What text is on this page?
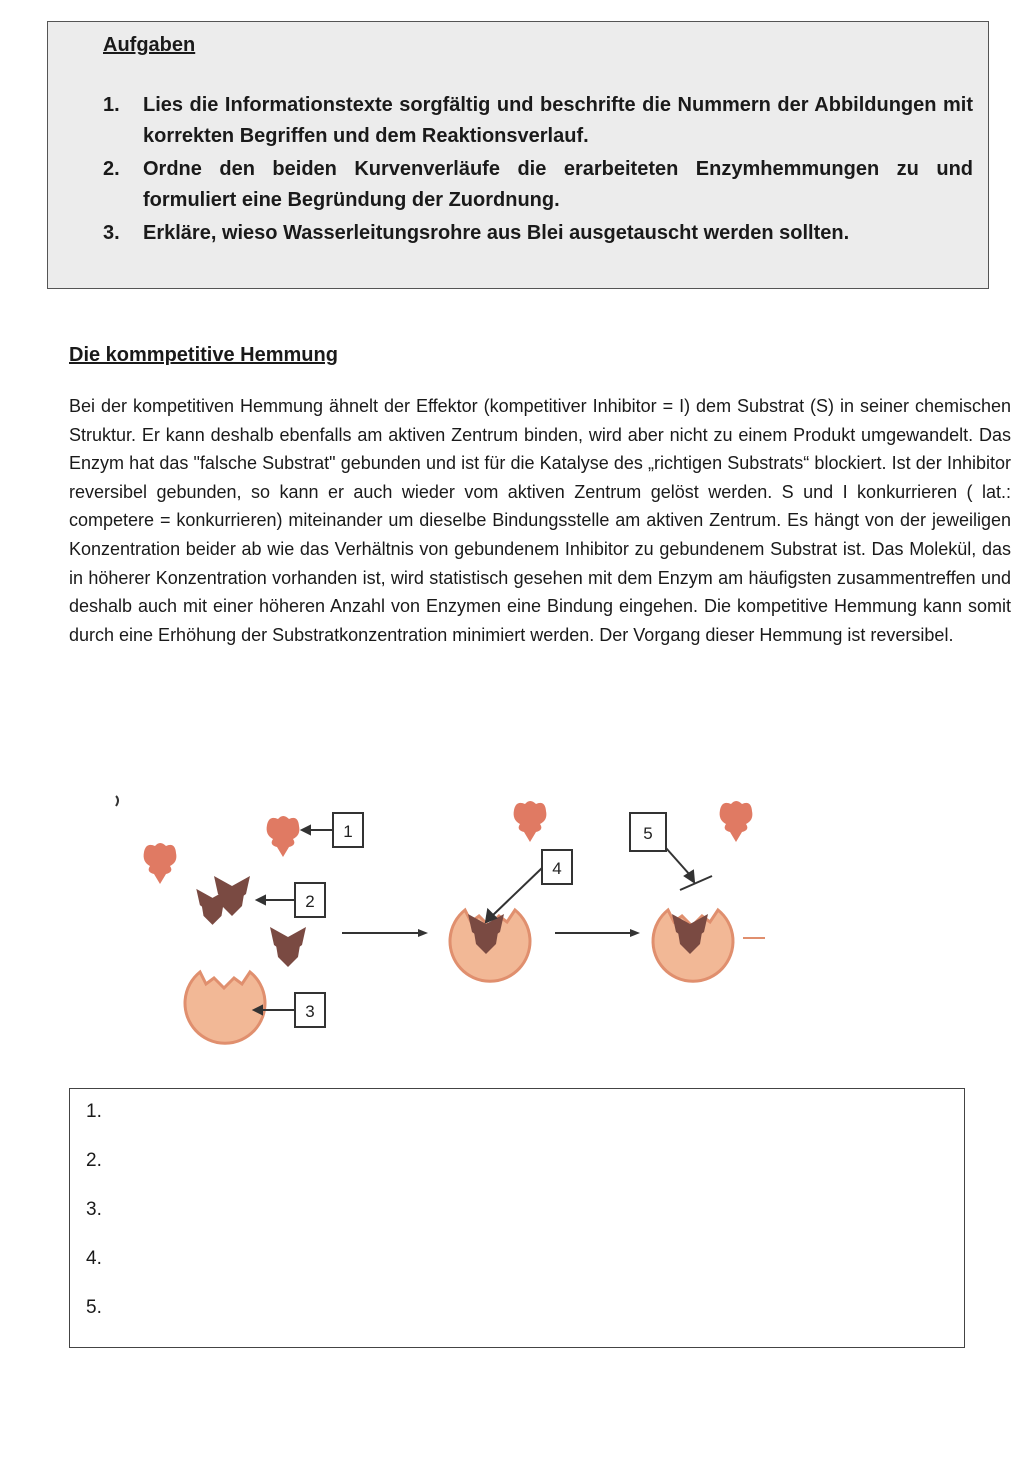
Aufgaben
1. Lies die Informationstexte sorgfältig und beschrifte die Nummern der Abbildungen mit korrekten Begriffen und dem Reaktionsverlauf.
2. Ordne den beiden Kurvenverläufe die erarbeiteten Enzymhemmungen zu und formuliert eine Begründung der Zuordnung.
3. Erkläre, wieso Wasserleitungsrohre aus Blei ausgetauscht werden sollten.
Die kommpetitive Hemmung

Bei der kompetitiven Hemmung ähnelt der Effektor (kompetitiver Inhibitor = I) dem Substrat (S) in seiner chemischen Struktur. Er kann deshalb ebenfalls am aktiven Zentrum binden, wird aber nicht zu einem Produkt umgewandelt. Das Enzym hat das "falsche Substrat" gebunden und ist für die Katalyse des „richtigen Substrats“ blockiert. Ist der Inhibitor reversibel gebunden, so kann er auch wieder vom aktiven Zentrum gelöst werden. S und I konkurrieren ( lat.: competere = konkurrieren) miteinander um dieselbe Bindungsstelle am aktiven Zentrum. Es hängt von der jeweiligen Konzentration beider ab wie das Verhältnis von gebundenem Inhibitor zu gebundenem Substrat ist. Das Molekül, das in höherer Konzentration vorhanden ist, wird statistisch gesehen mit dem Enzym am häufigsten zusammentreffen und deshalb auch mit einer höheren Anzahl von Enzymen eine Bindung eingehen. Die kompetitive Hemmung kann somit durch eine Erhöhung der Substratkonzentration minimiert werden. Der Vorgang dieser Hemmung ist reversibel.

1
2
3
4
5
1.
2.
3.
4.
5.
